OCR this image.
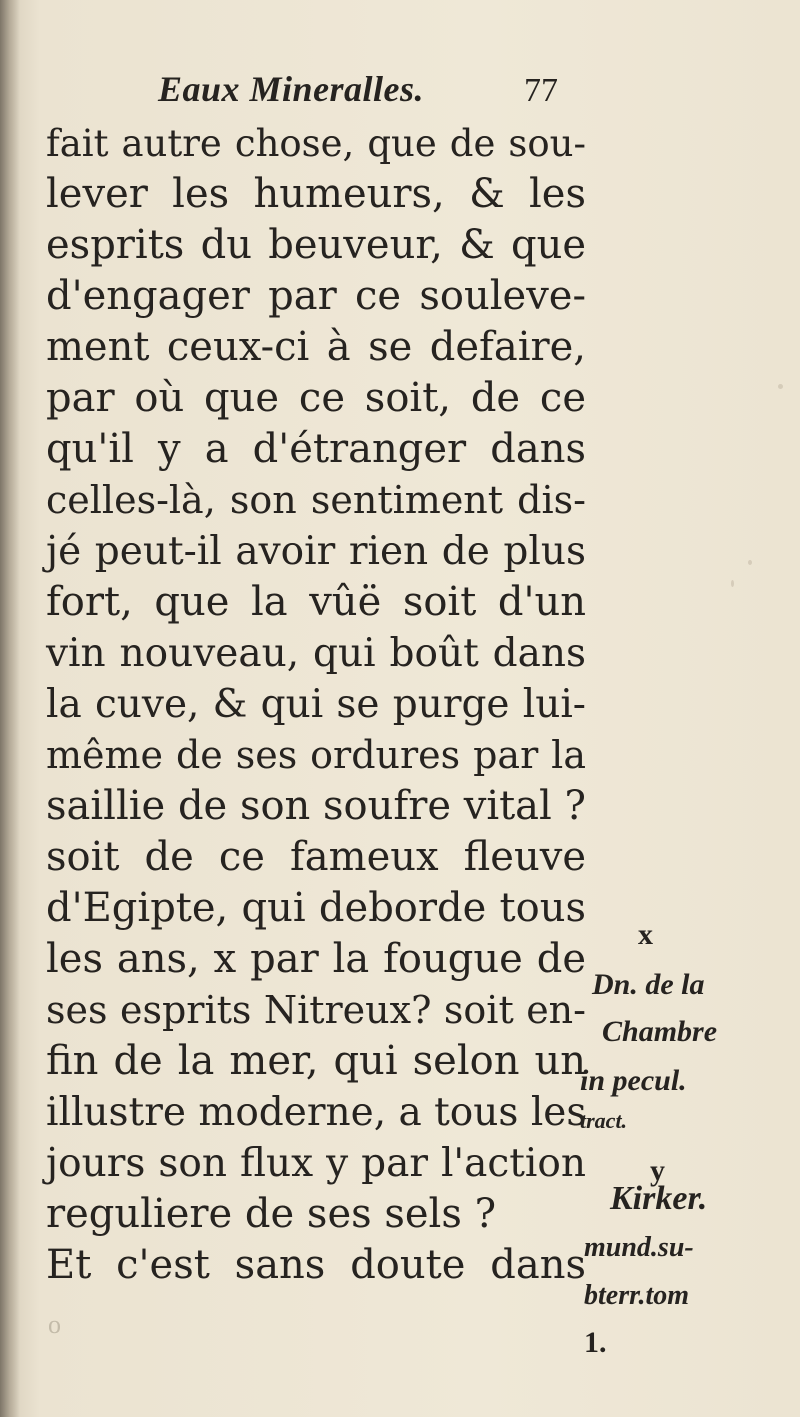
Eaux Mineralles.	77
fait autre chose, que de sou-
lever les humeurs, & les
esprits du beuveur, & que
d'engager par ce souleve-
ment ceux-ci à se defaire,
par où que ce soit, de ce
qu'il y a d'étranger dans
celles-là, son sentiment dis-
jé peut-il avoir rien de plus
fort, que la vûë soit d'un
vin nouveau, qui boût dans
la cuve, & qui se purge lui-
même de ses ordures par la
saillie de son soufre vital ?
soit de ce fameux fleuve
d'Egipte, qui deborde tous
les ans, x par la fougue de
ses esprits Nitreux? soit en-
fin de la mer, qui selon un
illustre moderne, a tous les
jours son flux y par l'action
reguliere de ses sels ?
Et c'est sans doute dans
x
Dn. de la
Chambre
in pecul.
tract.
y
Kirker.
mund.su-
bterr.tom
1.
o
